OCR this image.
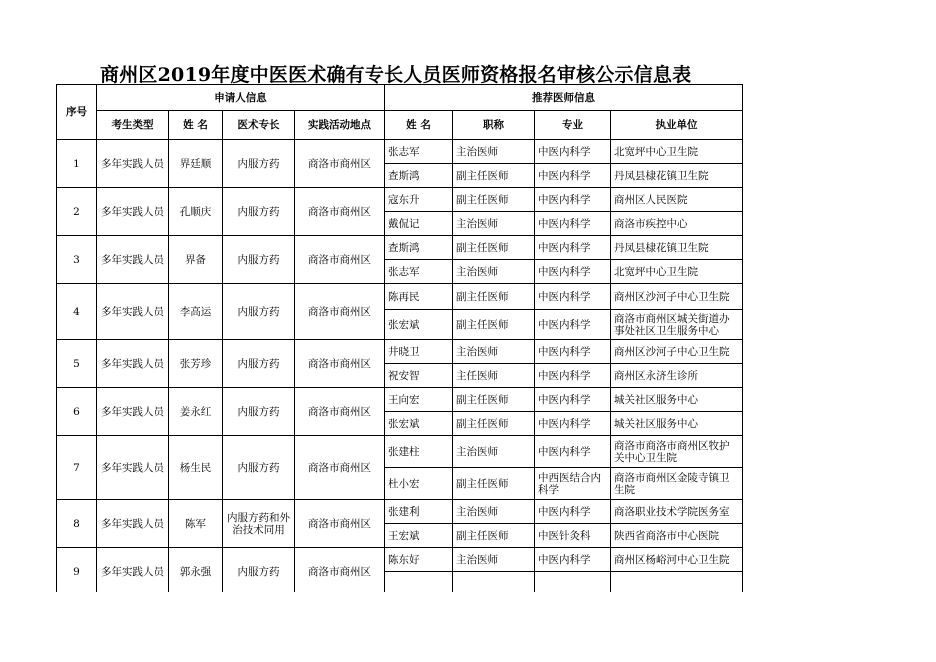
商州区2019年度中医医术确有专长人员医师资格报名审核公示信息表
序号	申请人信息				推荐医师信息			
	考生类型	姓 名	医术专长	实践活动地点	姓 名	职称	专业	执业单位
1	多年实践人员	界廷顺	内服方药	商洛市商州区	张志军	主治医师	中医内科学	北宽坪中心卫生院
					查斯鸿	副主任医师	中医内科学	丹凤县棣花镇卫生院
2	多年实践人员	孔顺庆	内服方药	商洛市商州区	寇东升	副主任医师	中医内科学	商州区人民医院
					戴侃记	主治医师	中医内科学	商洛市疾控中心
3	多年实践人员	界备	内服方药	商洛市商州区	查斯鸿	副主任医师	中医内科学	丹凤县棣花镇卫生院
					张志军	主治医师	中医内科学	北宽坪中心卫生院
4	多年实践人员	李高运	内服方药	商洛市商州区	陈再民	副主任医师	中医内科学	商州区沙河子中心卫生院
					张宏斌	副主任医师	中医内科学	商洛市商州区城关街道办事处社区卫生服务中心

5	多年实践人员	张芳珍	内服方药	商洛市商州区	井晓卫	主治医师	中医内科学	商州区沙河子中心卫生院
					祝安智	主任医师	中医内科学	商州区永济生诊所
6	多年实践人员	姜永红	内服方药	商洛市商州区	王向宏	副主任医师	中医内科学	城关社区服务中心
					张宏斌	副主任医师	中医内科学	城关社区服务中心
7	多年实践人员	杨生民	内服方药	商洛市商州区	张建柱	主治医师	中医内科学	商洛市商洛市商州区牧护关中心卫生院
					杜小宏	副主任医师	中西医结合内科学	商洛市商州区金陵寺镇卫生院
8	多年实践人员	陈军	内服方药和外治技术同用	商洛市商州区	张建利	主治医师	中医内科学	商洛职业技术学院医务室
					王宏斌	副主任医师	中医针灸科	陕西省商洛市中心医院
9	多年实践人员	郭永强	内服方药	商洛市商州区	陈东好	主治医师	中医内科学	商州区杨峪河中心卫生院
